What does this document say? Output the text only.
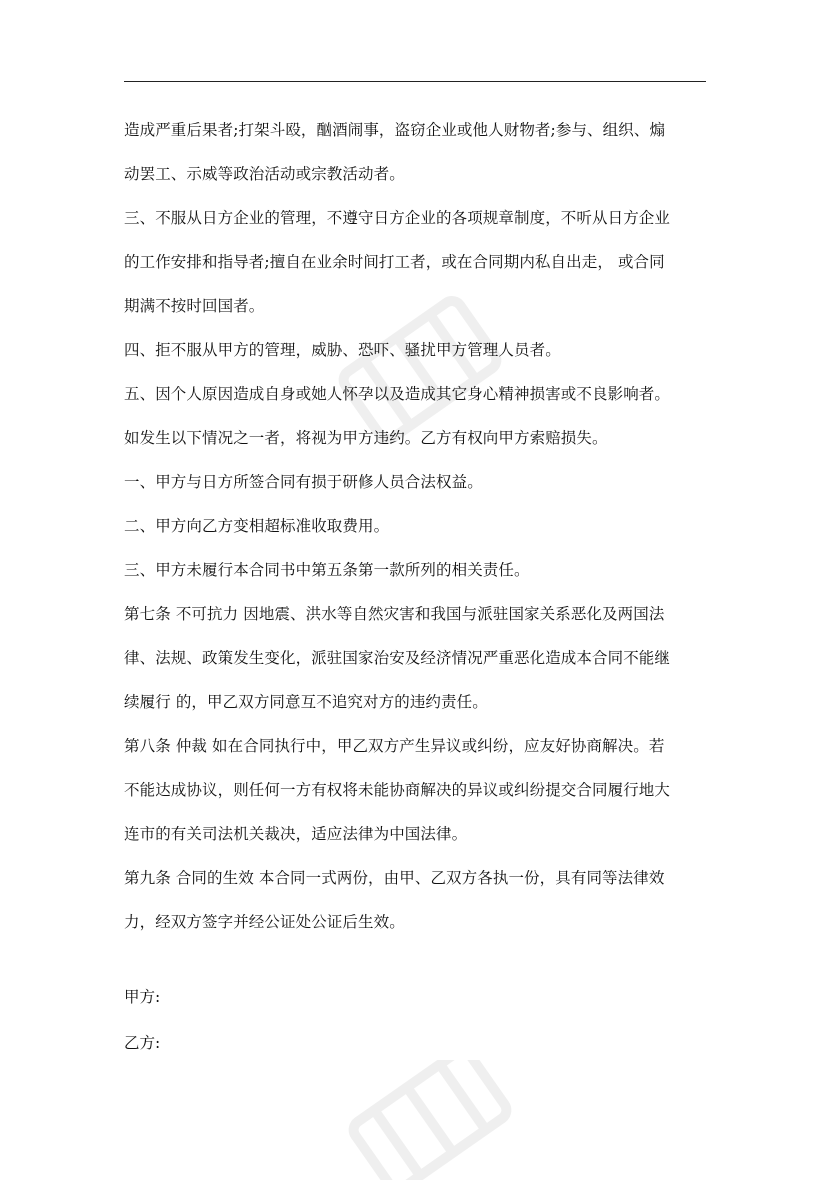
造成严重后果者;打架斗殴，酗酒闹事，盗窃企业或他人财物者;参与、组织、煽
动罢工、示威等政治活动或宗教活动者。
三、不服从日方企业的管理，不遵守日方企业的各项规章制度，不听从日方企业
的工作安排和指导者;擅自在业余时间打工者，或在合同期内私自出走， 或合同
期满不按时回国者。
四、拒不服从甲方的管理，威胁、恐吓、骚扰甲方管理人员者。
五、因个人原因造成自身或她人怀孕以及造成其它身心精神损害或不良影响者。
如发生以下情况之一者，将视为甲方违约。乙方有权向甲方索赔损失。
一、甲方与日方所签合同有损于研修人员合法权益。
二、甲方向乙方变相超标准收取费用。
三、甲方未履行本合同书中第五条第一款所列的相关责任。
第七条 不可抗力 因地震、洪水等自然灾害和我国与派驻国家关系恶化及两国法
律、法规、政策发生变化，派驻国家治安及经济情况严重恶化造成本合同不能继
续履行 的，甲乙双方同意互不追究对方的违约责任。
第八条 仲裁 如在合同执行中，甲乙双方产生异议或纠纷，应友好协商解决。若
不能达成协议，则任何一方有权将未能协商解决的异议或纠纷提交合同履行地大
连市的有关司法机关裁决，适应法律为中国法律。
第九条 合同的生效 本合同一式两份，由甲、乙双方各执一份，具有同等法律效
力，经双方签字并经公证处公证后生效。
甲方:
乙方:
